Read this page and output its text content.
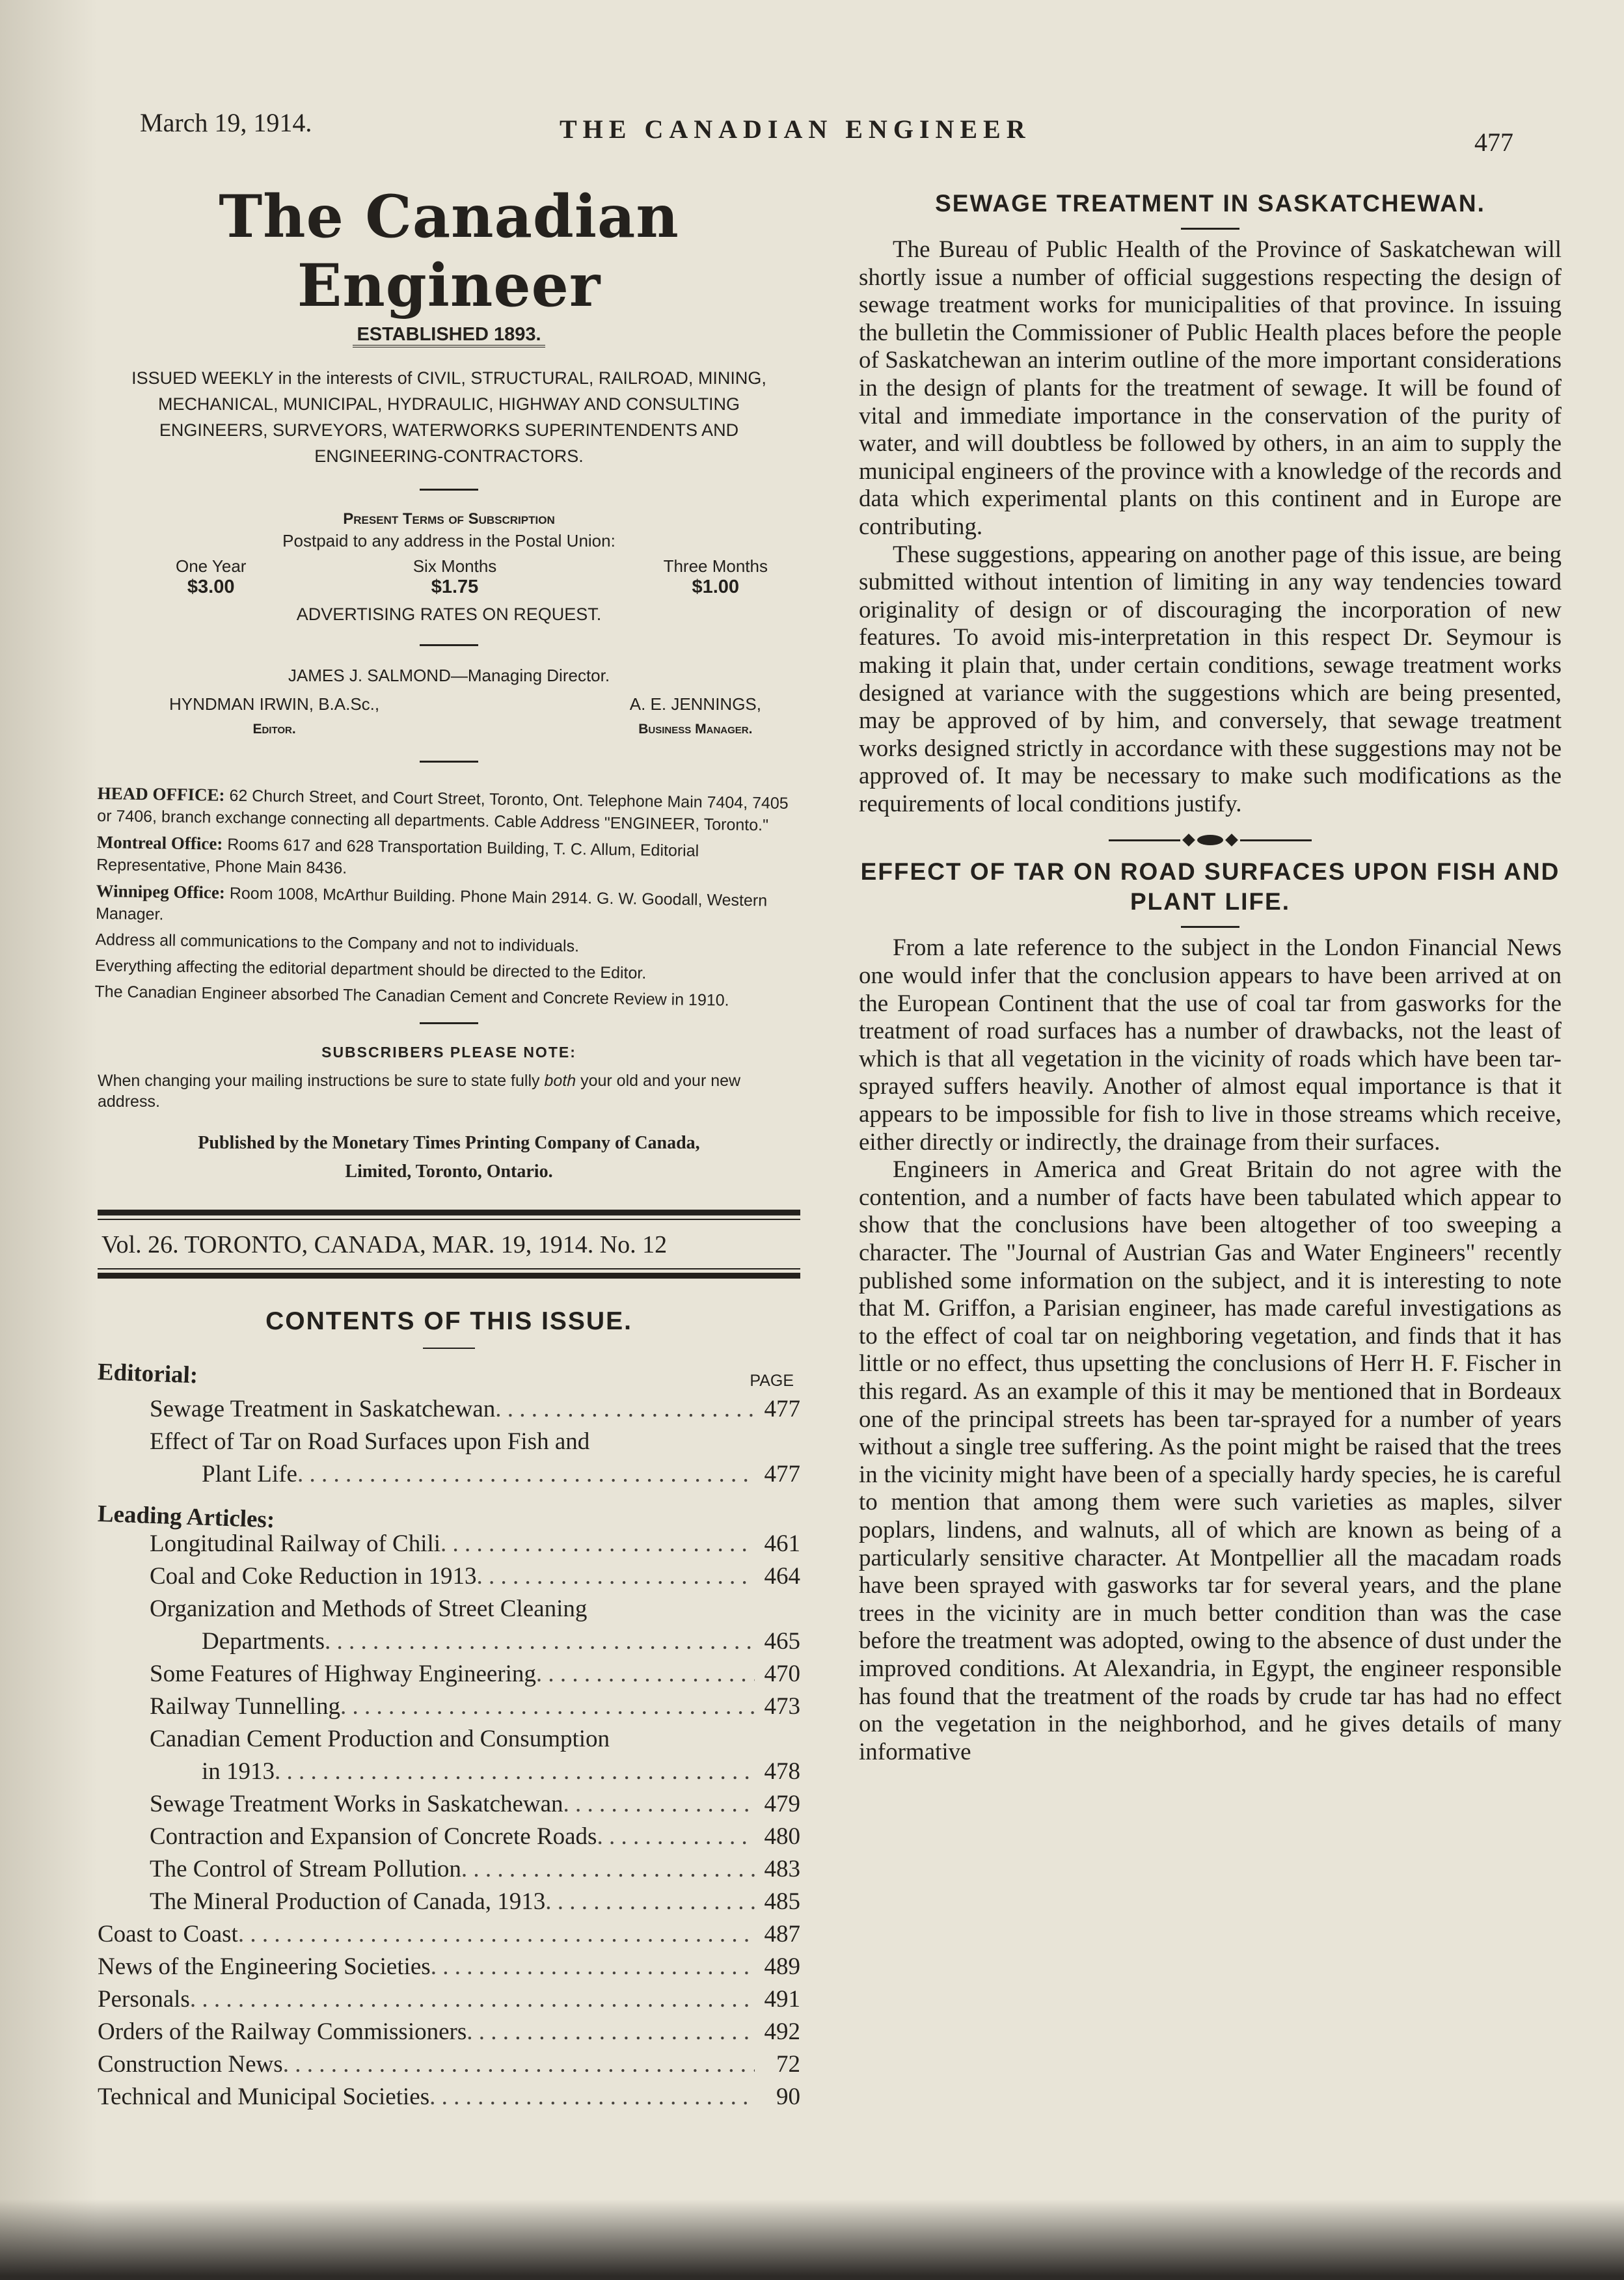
March 19, 1914.	THE CANADIAN ENGINEER	477
The Canadian Engineer
ESTABLISHED 1893.
ISSUED WEEKLY in the interests of CIVIL, STRUCTURAL, RAILROAD, MINING, MECHANICAL, MUNICIPAL, HYDRAULIC, HIGHWAY AND CONSULTING ENGINEERS, SURVEYORS, WATERWORKS SUPERINTENDENTS AND ENGINEERING-CONTRACTORS.
Present Terms of Subscription
Postpaid to any address in the Postal Union:
One Year
$3.00
Six Months
$1.75
Three Months
$1.00
ADVERTISING RATES ON REQUEST.
JAMES J. SALMOND—Managing Director.
HYNDMAN IRWIN, B.A.Sc.,
Editor.
A. E. JENNINGS,
Business Manager.

HEAD OFFICE: 62 Church Street, and Court Street, Toronto, Ont. Telephone Main 7404, 7405 or 7406, branch exchange connecting all departments. Cable Address "ENGINEER, Toronto."

Montreal Office: Rooms 617 and 628 Transportation Building, T. C. Allum, Editorial Representative, Phone Main 8436.

Winnipeg Office: Room 1008, McArthur Building. Phone Main 2914. G. W. Goodall, Western Manager.

Address all communications to the Company and not to individuals.

Everything affecting the editorial department should be directed to the Editor.

The Canadian Engineer absorbed The Canadian Cement and Concrete Review in 1910.

SUBSCRIBERS PLEASE NOTE:

When changing your mailing instructions be sure to state fully both your old and your new address.

Published by the Monetary Times Printing Company of Canada,
Limited, Toronto, Ontario.
Vol. 26. TORONTO, CANADA, MAR. 19, 1914. No. 12
CONTENTS OF THIS ISSUE.
Editorial:	PAGE
Sewage Treatment in Saskatchewan . . .	477
Effect of Tar on Road Surfaces upon Fish and
Plant Life . . .	477
Leading Articles:
Longitudinal Railway of Chili . . .	461
Coal and Coke Reduction in 1913 . . .	464
Organization and Methods of Street Cleaning
Departments . . .	465
Some Features of Highway Engineering . . .	470
Railway Tunnelling . . .	473
Canadian Cement Production and Consumption
in 1913 . . .	478
Sewage Treatment Works in Saskatchewan . . .	479
Contraction and Expansion of Concrete Roads . . .	480
The Control of Stream Pollution . . .	483
The Mineral Production of Canada, 1913 . . .	485
Coast to Coast . . .	487
News of the Engineering Societies . . .	489
Personals . . .	491
Orders of the Railway Commissioners . . .	492
Construction News . . .	72
Technical and Municipal Societies . . .	90
SEWAGE TREATMENT IN SASKATCHEWAN.

The Bureau of Public Health of the Province of Saskatchewan will shortly issue a number of official suggestions respecting the design of sewage treatment works for municipalities of that province. In issuing the bulletin the Commissioner of Public Health places before the people of Saskatchewan an interim outline of the more important considerations in the design of plants for the treatment of sewage. It will be found of vital and immediate importance in the conservation of the purity of water, and will doubtless be followed by others, in an aim to supply the municipal engineers of the province with a knowledge of the records and data which experimental plants on this continent and in Europe are contributing.

These suggestions, appearing on another page of this issue, are being submitted without intention of limiting in any way tendencies toward originality of design or of discouraging the incorporation of new features. To avoid mis-interpretation in this respect Dr. Seymour is making it plain that, under certain conditions, sewage treatment works designed at variance with the suggestions which are being presented, may be approved of by him, and conversely, that sewage treatment works designed strictly in accordance with these suggestions may not be approved of. It may be necessary to make such modifications as the requirements of local conditions justify.

EFFECT OF TAR ON ROAD SURFACES UPON FISH AND PLANT LIFE.

From a late reference to the subject in the London Financial News one would infer that the conclusion appears to have been arrived at on the European Continent that the use of coal tar from gasworks for the treatment of road surfaces has a number of drawbacks, not the least of which is that all vegetation in the vicinity of roads which have been tar-sprayed suffers heavily. Another of almost equal importance is that it appears to be impossible for fish to live in those streams which receive, either directly or indirectly, the drainage from their surfaces.

Engineers in America and Great Britain do not agree with the contention, and a number of facts have been tabulated which appear to show that the conclusions have been altogether of too sweeping a character. The "Journal of Austrian Gas and Water Engineers" recently published some information on the subject, and it is interesting to note that M. Griffon, a Parisian engineer, has made careful investigations as to the effect of coal tar on neighboring vegetation, and finds that it has little or no effect, thus upsetting the conclusions of Herr H. F. Fischer in this regard. As an example of this it may be mentioned that in Bordeaux one of the principal streets has been tar-sprayed for a number of years without a single tree suffering. As the point might be raised that the trees in the vicinity might have been of a specially hardy species, he is careful to mention that among them were such varieties as maples, silver poplars, lindens, and walnuts, all of which are known as being of a particularly sensitive character. At Montpellier all the macadam roads have been sprayed with gasworks tar for several years, and the plane trees in the vicinity are in much better condition than was the case before the treatment was adopted, owing to the absence of dust under the improved conditions. At Alexandria, in Egypt, the engineer responsible has found that the treatment of the roads by crude tar has had no effect on the vegetation in the neighborhod, and he gives details of many informative
